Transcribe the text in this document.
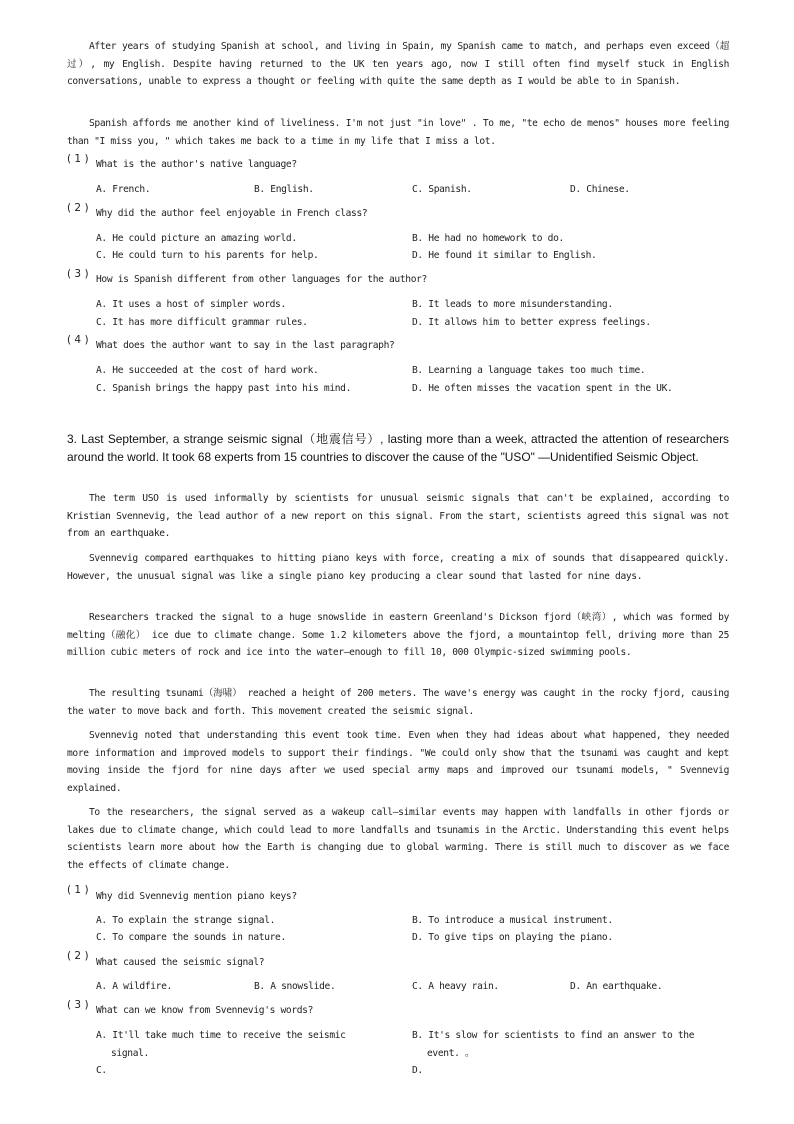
After years of studying Spanish at school, and living in Spain, my Spanish came to match, and perhaps even exceed（超过）, my English. Despite having returned to the UK ten years ago, now I still often find myself stuck in English conversations, unable to express a thought or feeling with quite the same depth as I would be able to in Spanish.

Spanish affords me another kind of liveliness. I'm not just "in love" . To me, "te echo de menos" houses more feeling than "I miss you, " which takes me back to a time in my life that I miss a lot.

( 1 ) What is the author's native language?
A. French.	B. English.	C. Spanish.	D. Chinese.
( 2 ) Why did the author feel enjoyable in French class?
A. He could picture an amazing world.	B. He had no homework to do.
C. He could turn to his parents for help.	D. He found it similar to English.
( 3 ) How is Spanish different from other languages for the author?
A. It uses a host of simpler words.	B. It leads to more misunderstanding.
C. It has more difficult grammar rules.	D. It allows him to better express feelings.
( 4 ) What does the author want to say in the last paragraph?
A. He succeeded at the cost of hard work.	B. Learning a language takes too much time.
C. Spanish brings the happy past into his mind.	D. He often misses the vacation spent in the UK.

3. Last September, a strange seismic signal（地震信号）, lasting more than a week, attracted the attention of researchers around the world. It took 68 experts from 15 countries to discover the cause of the "USO" —Unidentified Seismic Object.

The term USO is used informally by scientists for unusual seismic signals that can't be explained, according to Kristian Svennevig, the lead author of a new report on this signal. From the start, scientists agreed this signal was not from an earthquake.

Svennevig compared earthquakes to hitting piano keys with force, creating a mix of sounds that disappeared quickly. However, the unusual signal was like a single piano key producing a clear sound that lasted for nine days.

Researchers tracked the signal to a huge snowslide in eastern Greenland's Dickson fjord（峡湾）, which was formed by melting（融化） ice due to climate change. Some 1.2 kilometers above the fjord, a mountaintop fell, driving more than 25 million cubic meters of rock and ice into the water—enough to fill 10, 000 Olympic-sized swimming pools.

The resulting tsunami（海啸） reached a height of 200 meters. The wave's energy was caught in the rocky fjord, causing the water to move back and forth. This movement created the seismic signal.

Svennevig noted that understanding this event took time. Even when they had ideas about what happened, they needed more information and improved models to support their findings. "We could only show that the tsunami was caught and kept moving inside the fjord for nine days after we used special army maps and improved our tsunami models, " Svennevig explained.

To the researchers, the signal served as a wakeup call—similar events may happen with landfalls in other fjords or lakes due to climate change, which could lead to more landfalls and tsunamis in the Arctic. Understanding this event helps scientists learn more about how the Earth is changing due to global warming. There is still much to discover as we face the effects of climate change.

( 1 )
Why did Svennevig mention piano keys?
A. To explain the strange signal.	B. To introduce a musical instrument.
C. To compare the sounds in nature.	D. To give tips on playing the piano.
( 2 )
What caused the seismic signal?
A. A wildfire.	B. A snowslide.	C. A heavy rain.	D. An earthquake.
( 3 ) What can we know from Svennevig's words?
A. It'll take much time to receive the seismic signal.
B. It's slow for scientists to find an answer to the event. 。
C.	D.
